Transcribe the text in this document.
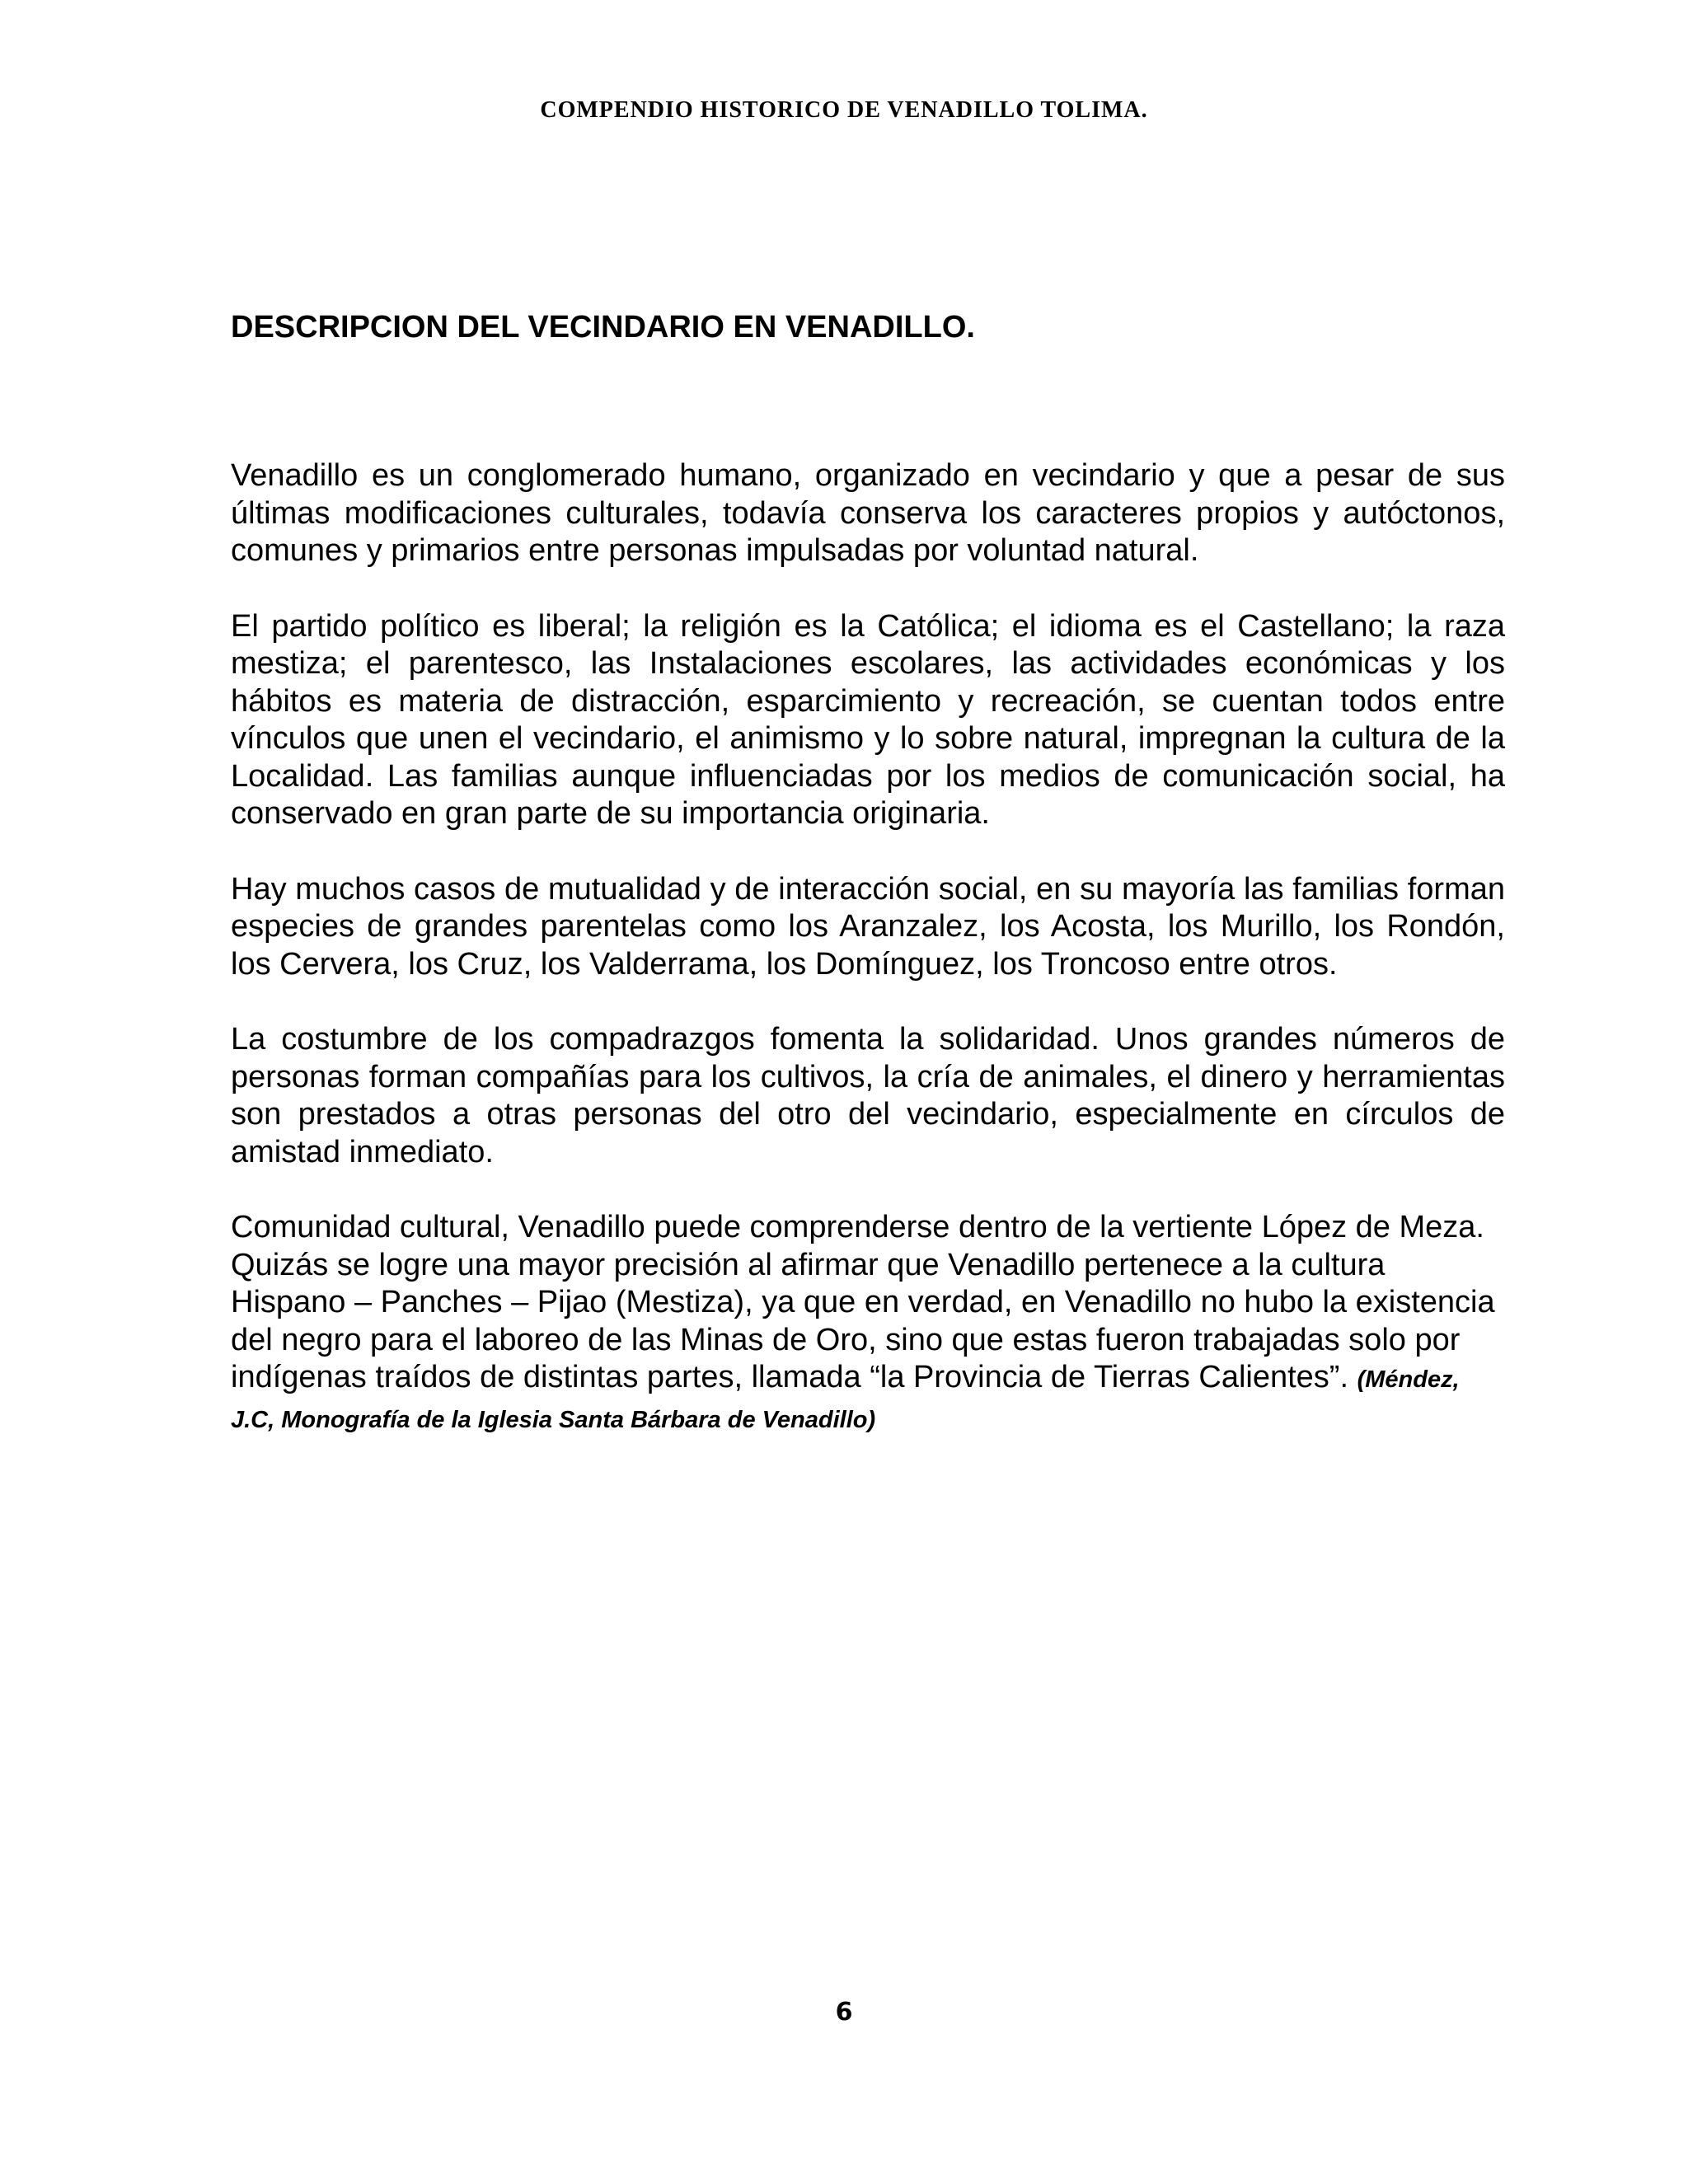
COMPENDIO HISTORICO DE VENADILLO TOLIMA.
DESCRIPCION DEL VECINDARIO EN VENADILLO.

Venadillo es un conglomerado humano, organizado en vecindario y que a pesar de sus últimas modificaciones culturales, todavía conserva los caracteres propios y autóctonos, comunes y primarios entre personas impulsadas por voluntad natural.

El partido político es liberal; la religión es la Católica; el idioma es el Castellano; la raza mestiza; el parentesco, las Instalaciones escolares, las actividades económicas y los hábitos es materia de distracción, esparcimiento y recreación, se cuentan todos entre vínculos que unen el vecindario, el animismo y lo sobre natural, impregnan la cultura de la Localidad. Las familias aunque influenciadas por los medios de comunicación social, ha conservado en gran parte de su importancia originaria.

Hay muchos casos de mutualidad y de interacción social, en su mayoría las familias forman especies de grandes parentelas como los Aranzalez, los Acosta, los Murillo, los Rondón, los Cervera, los Cruz, los Valderrama, los Domínguez, los Troncoso entre otros.

La costumbre de los compadrazgos fomenta la solidaridad. Unos grandes números de personas forman compañías para los cultivos, la cría de animales, el dinero y herramientas son prestados a otras personas del otro del vecindario, especialmente en círculos de amistad inmediato.

Comunidad cultural, Venadillo puede comprenderse dentro de la vertiente López de Meza. Quizás se logre una mayor precisión al afirmar que Venadillo pertenece a la cultura Hispano – Panches – Pijao (Mestiza), ya que en verdad, en Venadillo no hubo la existencia del negro para el laboreo de las Minas de Oro, sino que estas fueron trabajadas solo por indígenas traídos de distintas partes, llamada “la Provincia de Tierras Calientes”. (Méndez, J.C, Monografía de la Iglesia Santa Bárbara de Venadillo)

6
